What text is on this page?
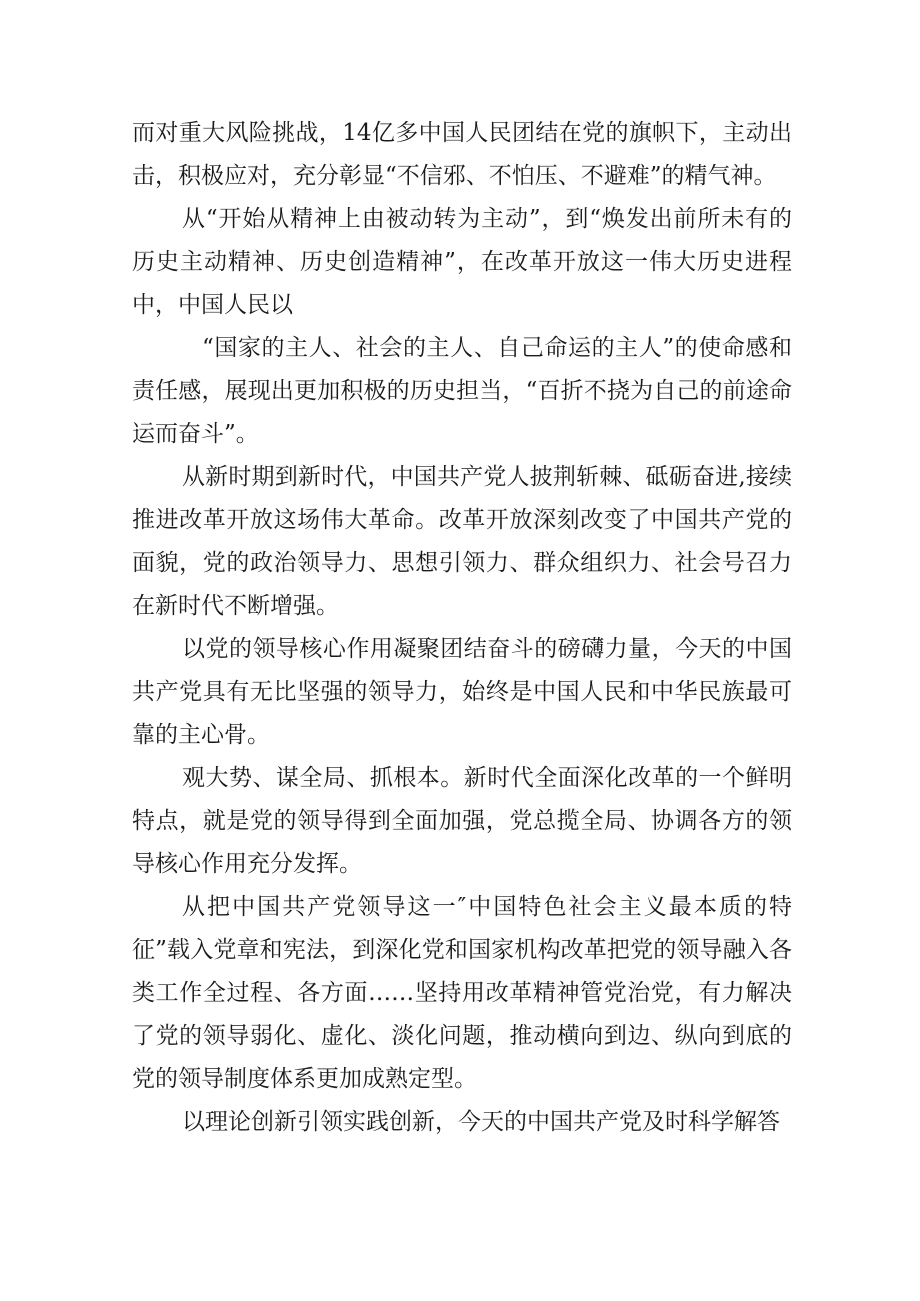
而对重大风险挑战，14亿多中国人民团结在党的旗帜下，主动出击，积极应对，充分彰显“不信邪、不怕压、不避难”的精气神。

从“开始从精神上由被动转为主动”，到“焕发出前所未有的历史主动精神、历史创造精神”，在改革开放这一伟大历史进程中，中国人民以

“国家的主人、社会的主人、自己命运的主人”的使命感和责任感，展现出更加积极的历史担当，“百折不挠为自己的前途命运而奋斗”。

从新时期到新时代，中国共产党人披荆斩棘、砥砺奋进,接续推进改革开放这场伟大革命。改革开放深刻改变了中国共产党的面貌，党的政治领导力、思想引领力、群众组织力、社会号召力在新时代不断增强。

以党的领导核心作用凝聚团结奋斗的磅礴力量，今天的中国共产党具有无比坚强的领导力，始终是中国人民和中华民族最可靠的主心骨。

观大势、谋全局、抓根本。新时代全面深化改革的一个鲜明特点，就是党的领导得到全面加强，党总揽全局、协调各方的领导核心作用充分发挥。

从把中国共产党领导这一″中国特色社会主义最本质的特征”载入党章和宪法，到深化党和国家机构改革把党的领导融入各类工作全过程、各方面……坚持用改革精神管党治党，有力解决了党的领导弱化、虚化、淡化问题，推动横向到边、纵向到底的党的领导制度体系更加成熟定型。

以理论创新引领实践创新，今天的中国共产党及时科学解答
